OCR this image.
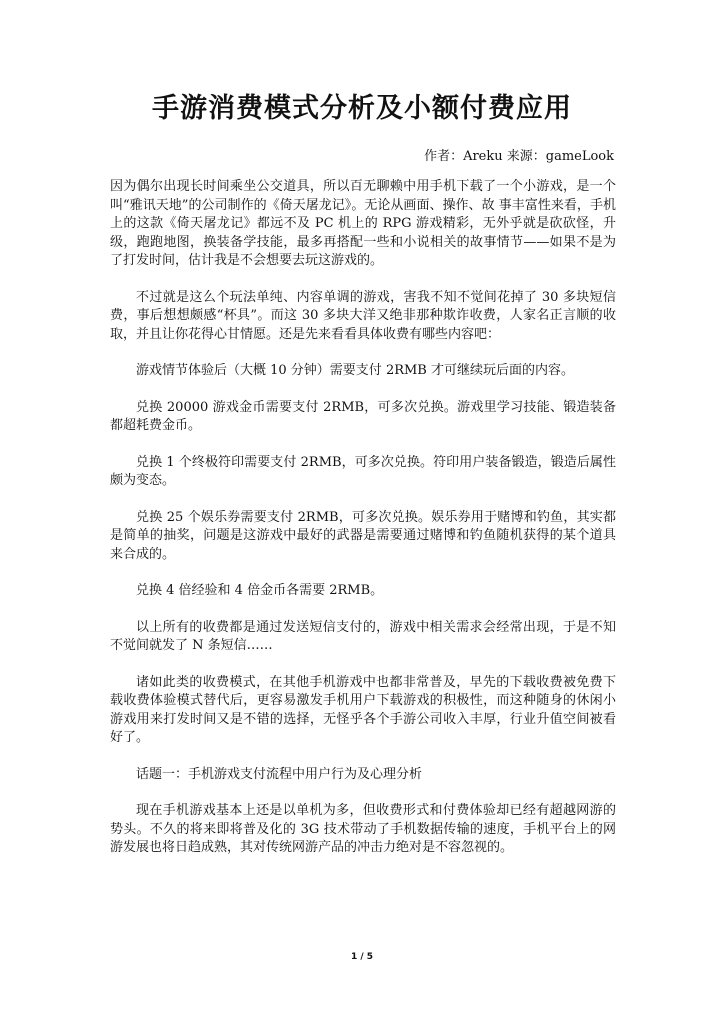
手游消费模式分析及小额付费应用

作者：Areku 来源：gameLook

因为偶尔出现长时间乘坐公交道具，所以百无聊赖中用手机下载了一个小游戏，是一个叫“雅讯天地”的公司制作的《倚天屠龙记》。无论从画面、操作、故 事丰富性来看，手机上的这款《倚天屠龙记》都远不及 PC 机上的 RPG 游戏精彩，无外乎就是砍砍怪，升级，跑跑地图，换装备学技能，最多再搭配一些和小说相关的故事情节——如果不是为了打发时间，估计我是不会想要去玩这游戏的。

不过就是这么个玩法单纯、内容单调的游戏，害我不知不觉间花掉了 30 多块短信费，事后想想颇感“杯具”。而这 30 多块大洋又绝非那种欺诈收费，人家名正言顺的收取，并且让你花得心甘情愿。还是先来看看具体收费有哪些内容吧：

游戏情节体验后（大概 10 分钟）需要支付 2RMB 才可继续玩后面的内容。

兑换 20000 游戏金币需要支付 2RMB，可多次兑换。游戏里学习技能、锻造装备都超耗费金币。

兑换 1 个终极符印需要支付 2RMB，可多次兑换。符印用户装备锻造，锻造后属性颇为变态。

兑换 25 个娱乐券需要支付 2RMB，可多次兑换。娱乐券用于赌博和钓鱼，其实都是简单的抽奖，问题是这游戏中最好的武器是需要通过赌博和钓鱼随机获得的某个道具来合成的。

兑换 4 倍经验和 4 倍金币各需要 2RMB。

以上所有的收费都是通过发送短信支付的，游戏中相关需求会经常出现，于是不知不觉间就发了 N 条短信……

诸如此类的收费模式，在其他手机游戏中也都非常普及，早先的下载收费被免费下载收费体验模式替代后，更容易激发手机用户下载游戏的积极性，而这种随身的休闲小游戏用来打发时间又是不错的选择，无怪乎各个手游公司收入丰厚，行业升值空间被看好了。

话题一：手机游戏支付流程中用户行为及心理分析

现在手机游戏基本上还是以单机为多，但收费形式和付费体验却已经有超越网游的势头。不久的将来即将普及化的 3G 技术带动了手机数据传输的速度，手机平台上的网游发展也将日趋成熟，其对传统网游产品的冲击力绝对是不容忽视的。

1 / 5
